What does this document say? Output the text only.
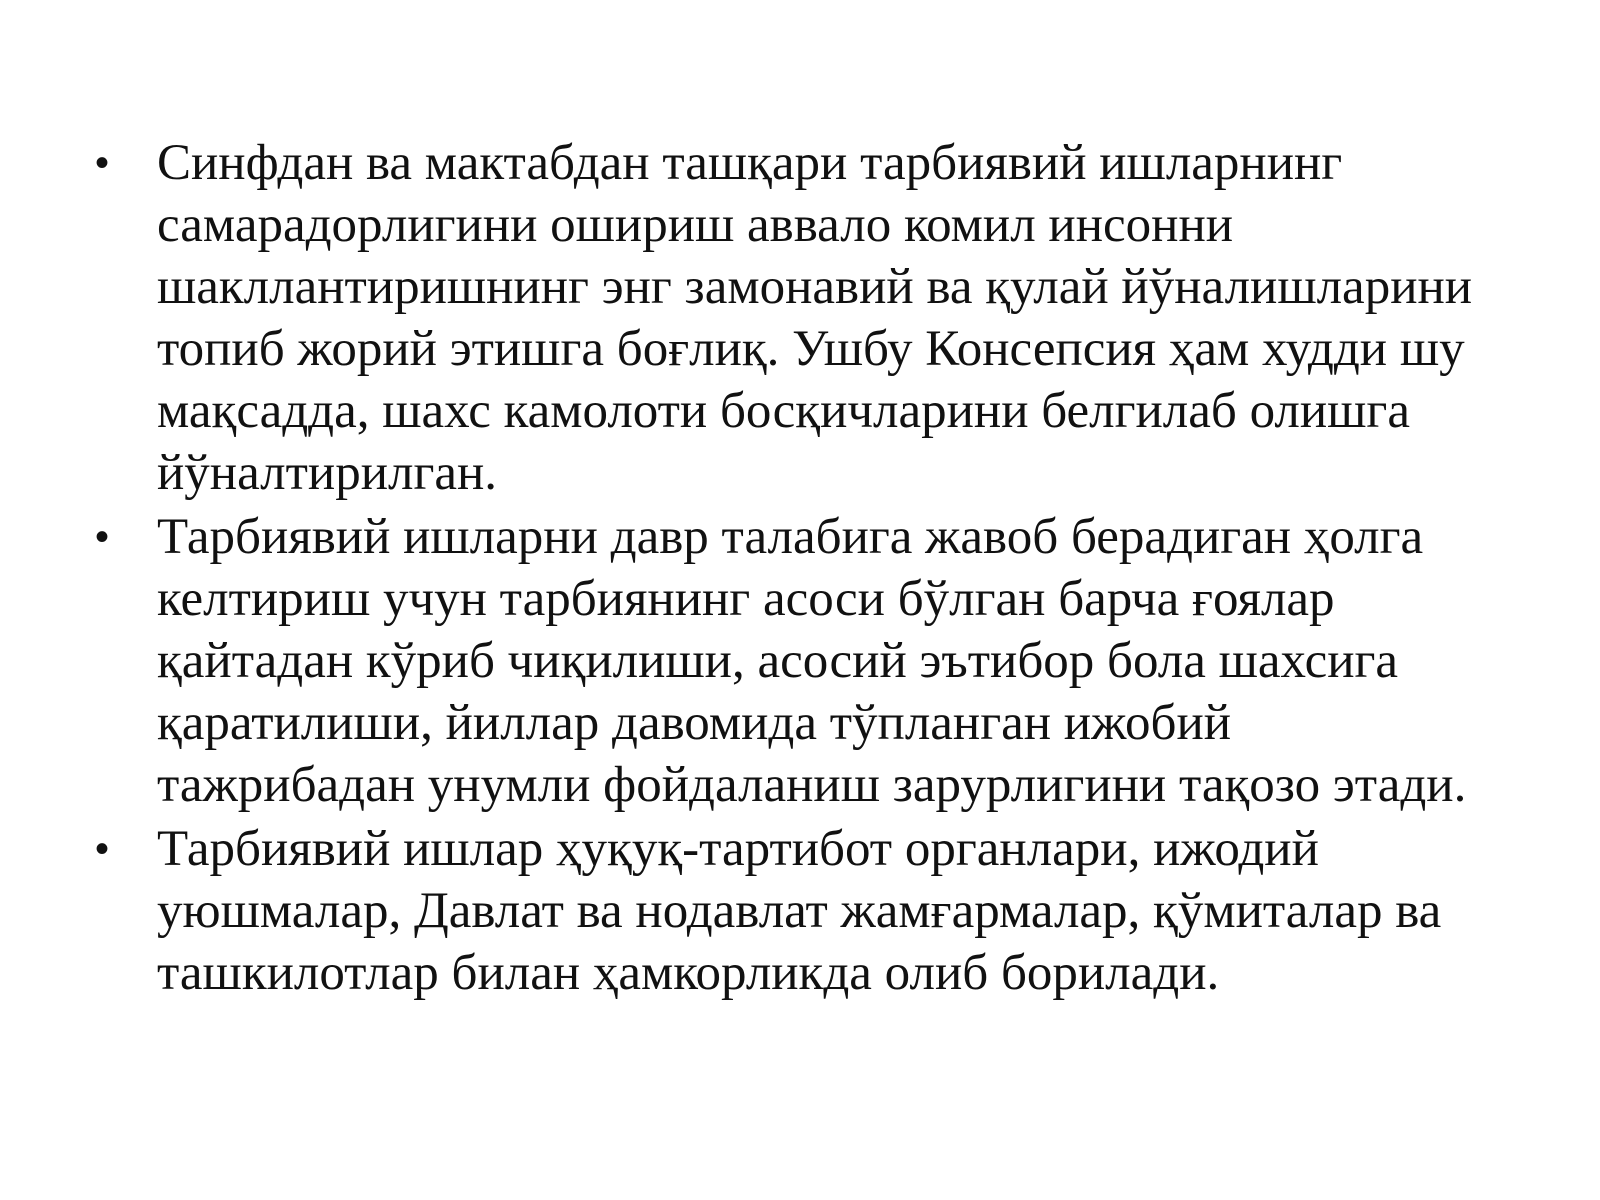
• Синфдан ва мактабдан ташқари тарбиявий ишларнинг самарадорлигини ошириш аввало комил инсонни шакллантиришнинг энг замонавий ва қулай йўналишларини топиб жорий этишга боғлиқ. Ушбу Консепсия ҳам худди шу мақсадда, шахс камолоти босқичларини белгилаб олишга йўналтирилган.
• Тарбиявий ишларни давр талабига жавоб берадиган ҳолга келтириш учун тарбиянинг асоси бўлган барча ғоялар қайтадан кўриб чиқилиши, асосий эътибор бола шахсига қаратилиши, йиллар давомида тўпланган ижобий тажрибадан унумли фойдаланиш зарурлигини тақозо этади.
• Тарбиявий ишлар ҳуқуқ-тартибот органлари, ижодий уюшмалар, Давлат ва нодавлат жамғармалар, қўмиталар ва ташкилотлар билан ҳамкорликда олиб борилади.
